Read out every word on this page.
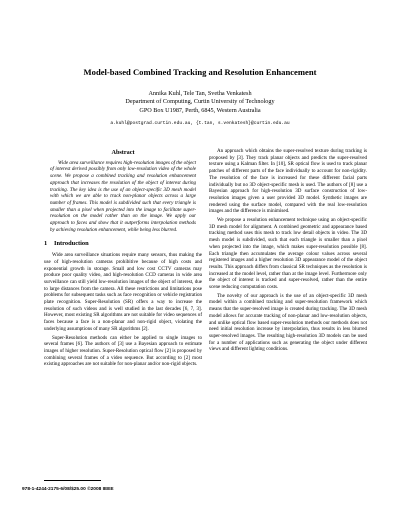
Model-based Combined Tracking and Resolution Enhancement
Annika Kuhl, Tele Tan, Svetha Venkatesh
Department of Computing, Curtin University of Technology
GPO Box U1987, Perth, 6845, Western Australia
a.kuhl@postgrad.curtin.edu.au, {t.tan, s.venkatesh}@curtin.edu.au
Abstract
Wide area surveillance requires high-resolution images of the object of interest derived possibly from only low-resolution video of the whole scene. We propose a combined tracking and resolution enhancement approach that increases the resolution of the object of interest during tracking. The key idea is the use of an object-specific 3D mesh model with which we are able to track non-planar objects across a large number of frames. This model is subdivided such that every triangle is smaller than a pixel when projected into the image to facilitate super-resolution on the model rather than on the image. We apply our approach to faces and show that it outperforms interpolation methods by achieving resolution enhancement, while being less blurred.
1 Introduction

Wide area surveillance situations require many sensors, thus making the use of high-resolution cameras prohibitive because of high costs and exponential growth in storage. Small and low cost CCTV cameras may produce poor quality video, and high-resolution CCD cameras in wide area surveillance can still yield low-resolution images of the object of interest, due to large distances from the camera. All these restrictions and limitations pose problems for subsequent tasks such as face recognition or vehicle registration plate recognition. Super-Resolution (SR) offers a way to increase the resolution of such videos and is well studied in the last decades [6, 7, 3]. However, most existing SR algorithms are not suitable for video sequences of faces because a face is a non-planar and non-rigid object, violating the underlying assumptions of many SR algorithms [2].

Super-Resolution methods can either be applied to single images to several frames [6]. The authors of [3] use a Bayesian approach to estimate images of higher resolution. Super-Resolution optical flow [2] is proposed by combining several frames of a video sequence. But according to [2] most existing approaches are not suitable for non-planar and/or non-rigid objects.

An approach which obtains the super-resolved texture during tracking is proposed by [3]. They track planar objects and predicts the super-resolved texture using a Kalman filter. In [10], SR optical flow is used to track planar patches of different parts of the face individually to account for non-rigidity. The resolution of the face is increased for these different facial parts individually but no 3D object-specific mesh is used. The authors of [8] use a Bayesian approach for high-resolution 3D surface construction of low-resolution images given a user provided 3D model. Synthetic images are rendered using the surface model, compared with the real low-resolution images and the difference is minimised.

We propose a resolution enhancement technique using an object-specific 3D mesh model for alignment. A combined geometric and appearance based tracking method uses this mesh to track low detail objects in video. The 3D mesh model is subdivided, such that each triangle is smaller than a pixel when projected into the image, which makes super-resolution possible [8]. Each triangle then accumulates the average colour values across several registered images and a higher resolution 3D appearance model of the object results. This approach differs from classical SR techniques as the resolution is increased at the model level, rather than at the image level. Furthermore only the object of interest is tracked and super-resolved, rather than the entire scene reducing computation costs.

The novelty of our approach is the use of an object-specific 3D mesh model within a combined tracking and super-resolution framework which means that the super-resolved image is created during tracking. The 3D mesh model allows for accurate tracking of non-planar and low-resolution objects, and unlike optical flow based super-resolution methods our methods does not need initial resolution increase by interpolation, thus results in less blurred super-resolved images. The resulting high-resolution 3D models can be used for a number of applications such as generating the object under different views and different lighting conditions.

978-1-4244-2175-6/08/$25.00 ©2008 IEEE
